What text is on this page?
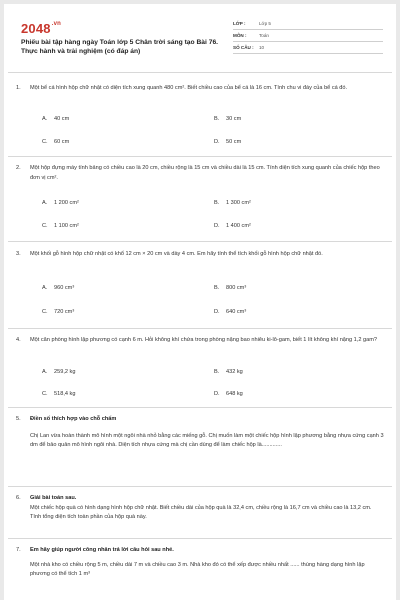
$2048^{.vn}$
Phiếu bài tập hàng ngày Toán lớp 5 Chân trời sáng tạo Bài 76. Thực hành và trải nghiệm (có đáp án)
LỚP :	Lớp 5
MÔN :	Toán
SỐ CÂU :	10
1.	Một bể cá hình hộp chữ nhật có diện tích xung quanh 480 cm². Biết chiều cao của bể cá là 16 cm. Tính chu vi đáy của bể cá đó.
A. 40 cm	B. 30 cm
C. 60 cm	D. 50 cm
2.	Một hộp đựng máy tính bảng có chiều cao là 20 cm, chiều rộng là 15 cm và chiều dài là 15 cm. Tính diện tích xung quanh của chiếc hộp theo đơn vị cm².
A. 1 200 cm²	B. 1 300 cm²
C. 1 100 cm²	D. 1 400 cm²
3.	Một khối gỗ hình hộp chữ nhật có khổ 12 cm × 20 cm và dày 4 cm. Em hãy tính thể tích khối gỗ hình hộp chữ nhật đó.
A. 960 cm³	B. 800 cm³
C. 720 cm³	D. 640 cm³
4.	Một căn phòng hình lập phương có cạnh 6 m. Hỏi không khí chứa trong phòng nặng bao nhiêu ki-lô-gam, biết 1 lít không khí nặng 1,2 gam?
A. 259,2 kg	B. 432 kg
C. 518,4 kg	D. 648 kg
5.	Điền số thích hợp vào chỗ chấm
Chị Lan vừa hoàn thành mô hình một ngôi nhà nhỏ bằng các miếng gỗ. Chị muốn làm một chiếc hộp hình lập phương bằng nhựa cứng cạnh 3 dm để bảo quản mô hình ngôi nhà. Diện tích nhựa cứng mà chị cần dùng để làm chiếc hộp là.............
6.	Giải bài toán sau.
Một chiếc hộp quà có hình dạng hình hộp chữ nhật. Biết chiều dài của hộp quà là 32,4 cm, chiều rộng là 16,7 cm và chiều cao là 13,2 cm. Tính tổng diện tích toàn phần của hộp quà này.
7.	Em hãy giúp người công nhân trả lời câu hỏi sau nhé.
Một nhà kho có chiều rộng 5 m, chiều dài 7 m và chiều cao 3 m. Nhà kho đó có thể xếp được nhiều nhất ...... thùng hàng dạng hình lập phương có thể tích 1 m³
